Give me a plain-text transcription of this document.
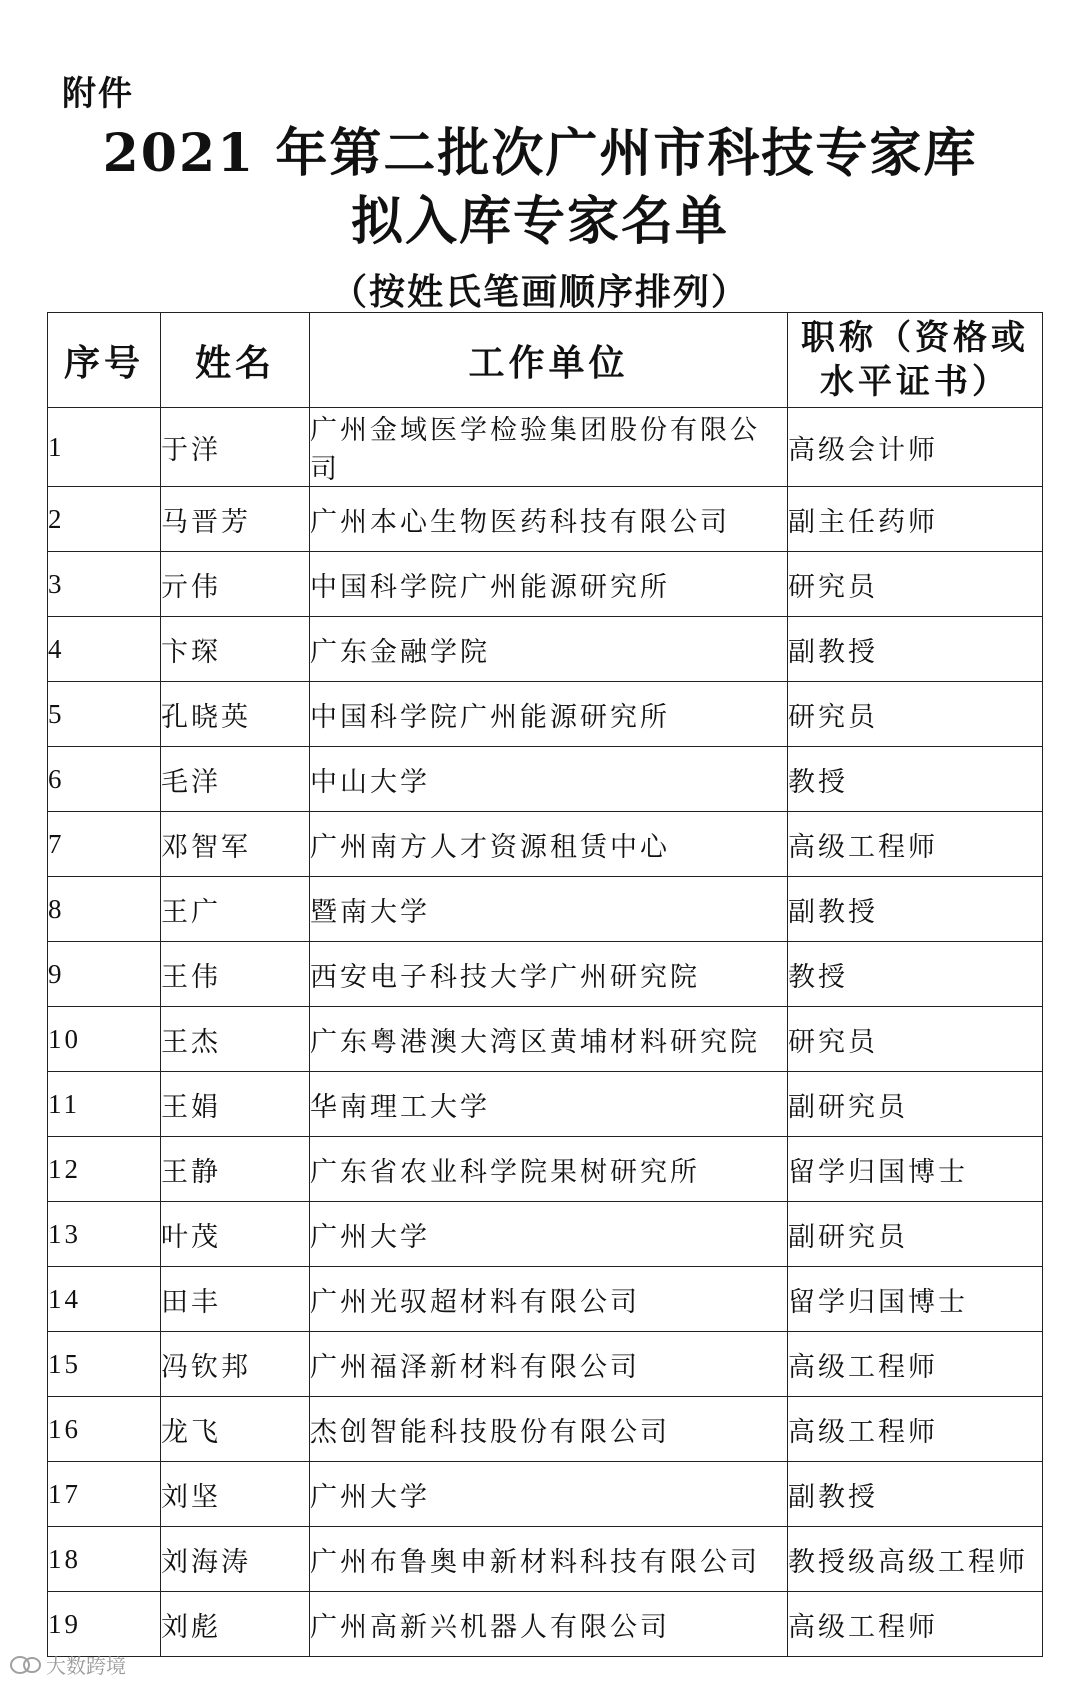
附件
2021 年第二批次广州市科技专家库
拟入库专家名单
（按姓氏笔画顺序排列）
序号	姓名	工作单位	职称（资格或
水平证书）

1	于洋	广州金域医学检验集团股份有限公司	高级会计师
2	马晋芳	广州本心生物医药科技有限公司	副主任药师
3	亓伟	中国科学院广州能源研究所	研究员
4	卞琛	广东金融学院	副教授
5	孔晓英	中国科学院广州能源研究所	研究员
6	毛洋	中山大学	教授
7	邓智军	广州南方人才资源租赁中心	高级工程师
8	王广	暨南大学	副教授
9	王伟	西安电子科技大学广州研究院	教授
10	王杰	广东粤港澳大湾区黄埔材料研究院	研究员
11	王娟	华南理工大学	副研究员
12	王静	广东省农业科学院果树研究所	留学归国博士
13	叶茂	广州大学	副研究员
14	田丰	广州光驭超材料有限公司	留学归国博士
15	冯钦邦	广州福泽新材料有限公司	高级工程师
16	龙飞	杰创智能科技股份有限公司	高级工程师
17	刘坚	广州大学	副教授
18	刘海涛	广州布鲁奥申新材料科技有限公司	教授级高级工程师
19	刘彪	广州高新兴机器人有限公司	高级工程师
大数跨境
